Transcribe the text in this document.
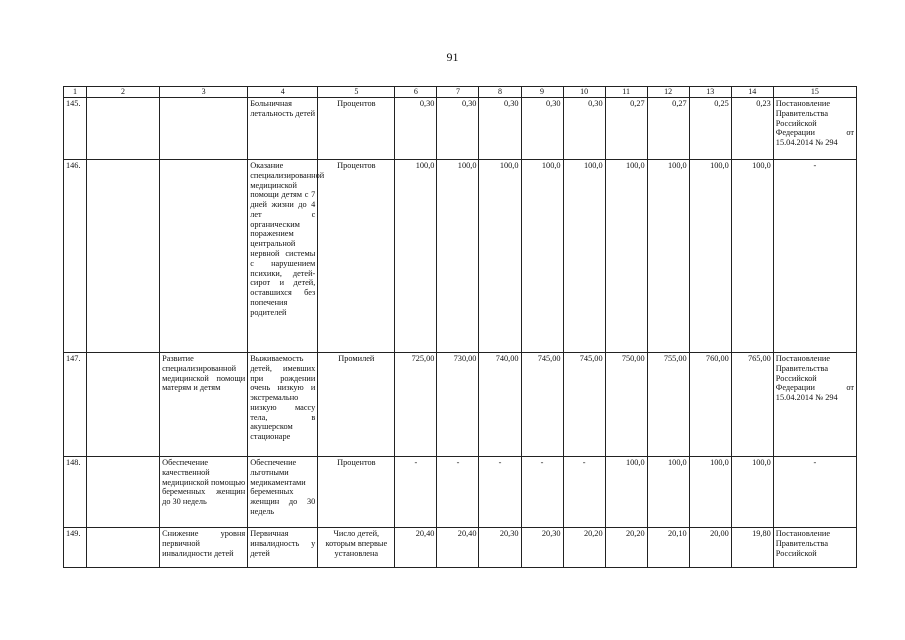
91
1	2	3	4	5	6	7	8	9	10	11	12	13	14	15
145.			Больничная летальность детей	Процентов	0,30	0,30	0,30	0,30	0,30	0,27	0,27	0,25	0,23	Постановление Правительства Российской Федерации от 15.04.2014 № 294
146.			Оказание специализированной медицинской помощи детям с 7 дней жизни до 4 лет с органическим поражением центральной нервной системы с нарушением психики, детей-сирот и детей, оставшихся без попечения родителей	Процентов	100,0	100,0	100,0	100,0	100,0	100,0	100,0	100,0	100,0	-
147.		Развитие специализированной медицинской помощи матерям и детям	Выживаемость детей, имевших при рождении очень низкую и экстремально низкую массу тела, в акушерском стационаре	Промилей	725,00	730,00	740,00	745,00	745,00	750,00	755,00	760,00	765,00	Постановление Правительства Российской Федерации от 15.04.2014 № 294
148.		Обеспечение качественной медицинской помощью беременных женщин до 30 недель	Обеспечение льготными медикаментами беременных женщин до 30 недель	Процентов	-	-	-	-	-	100,0	100,0	100,0	100,0	-
149.		Снижение уровня первичной инвалидности детей	Первичная инвалидность у детей	Число детей, которым впервые установлена	20,40	20,40	20,30	20,30	20,20	20,20	20,10	20,00	19,80	Постановление Правительства Российской
